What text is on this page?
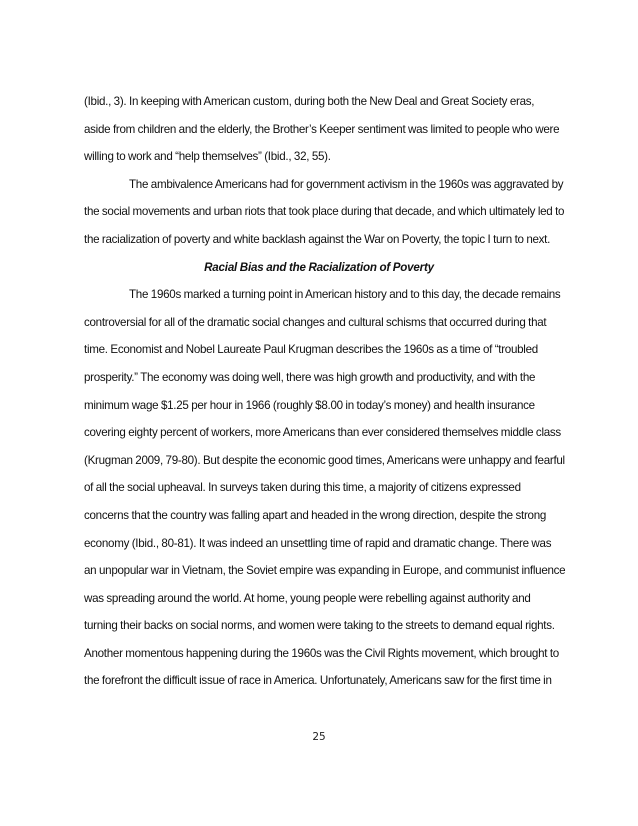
(Ibid., 3). In keeping with American custom, during both the New Deal and Great Society eras,
aside from children and the elderly, the Brother’s Keeper sentiment was limited to people who were
willing to work and “help themselves” (Ibid., 32, 55).
The ambivalence Americans had for government activism in the 1960s was aggravated by
the social movements and urban riots that took place during that decade, and which ultimately led to
the racialization of poverty and white backlash against the War on Poverty, the topic I turn to next.
Racial Bias and the Racialization of Poverty
The 1960s marked a turning point in American history and to this day, the decade remains
controversial for all of the dramatic social changes and cultural schisms that occurred during that
time. Economist and Nobel Laureate Paul Krugman describes the 1960s as a time of “troubled
prosperity.” The economy was doing well, there was high growth and productivity, and with the
minimum wage $1.25 per hour in 1966 (roughly $8.00 in today’s money) and health insurance
covering eighty percent of workers, more Americans than ever considered themselves middle class
(Krugman 2009, 79-80). But despite the economic good times, Americans were unhappy and fearful
of all the social upheaval. In surveys taken during this time, a majority of citizens expressed
concerns that the country was falling apart and headed in the wrong direction, despite the strong
economy (Ibid., 80-81). It was indeed an unsettling time of rapid and dramatic change. There was
an unpopular war in Vietnam, the Soviet empire was expanding in Europe, and communist influence
was spreading around the world. At home, young people were rebelling against authority and
turning their backs on social norms, and women were taking to the streets to demand equal rights.
Another momentous happening during the 1960s was the Civil Rights movement, which brought to
the forefront the difficult issue of race in America. Unfortunately, Americans saw for the first time in
25
